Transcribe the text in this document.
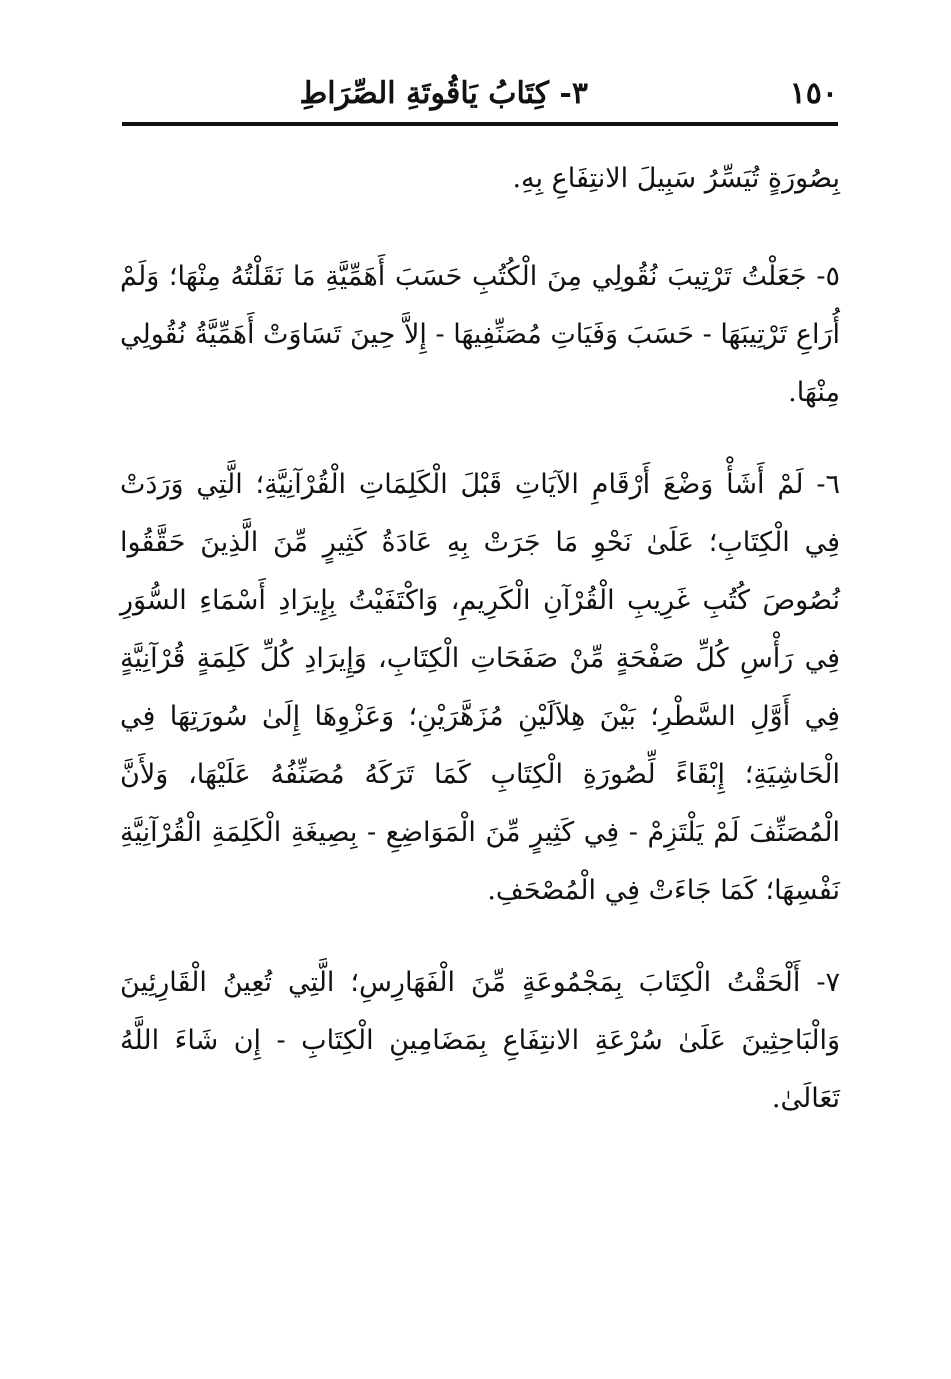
١٥٠
٣- كِتَابُ يَاقُوتَةِ الصِّرَاطِ

بِصُورَةٍ تُيَسِّرُ سَبِيلَ الانتِفَاعِ بِهِ.

٥- جَعَلْتُ تَرْتِيبَ نُقُولِي مِنَ الْكُتُبِ حَسَبَ أَهَمِّيَّةِ مَا نَقَلْتُهُ مِنْهَا؛ وَلَمْ أُرَاعِ تَرْتِيبَهَا - حَسَبَ وَفَيَاتِ مُصَنِّفِيهَا - إِلاَّ حِينَ تَسَاوَتْ أَهَمِّيَّةُ نُقُولِي مِنْهَا.

٦- لَمْ أَشَأْ وَضْعَ أَرْقَامِ الآيَاتِ قَبْلَ الْكَلِمَاتِ الْقُرْآنِيَّةِ؛ الَّتِي وَرَدَتْ فِي الْكِتَابِ؛ عَلَىٰ نَحْوِ مَا جَرَتْ بِهِ عَادَةُ كَثِيرٍ مِّنَ الَّذِينَ حَقَّقُوا نُصُوصَ كُتُبِ غَرِيبِ الْقُرْآنِ الْكَرِيمِ، وَاكْتَفَيْتُ بِإِيرَادِ أَسْمَاءِ السُّوَرِ فِي رَأْسِ كُلِّ صَفْحَةٍ مِّنْ صَفَحَاتِ الْكِتَابِ، وَإِيرَادِ كُلِّ كَلِمَةٍ قُرْآنِيَّةٍ فِي أَوَّلِ السَّطْرِ؛ بَيْنَ هِلاَلَيْنِ مُزَهَّرَيْنِ؛ وَعَزْوِهَا إِلَىٰ سُورَتِهَا فِي الْحَاشِيَةِ؛ إِبْقَاءً لِّصُورَةِ الْكِتَابِ كَمَا تَرَكَهُ مُصَنِّفُهُ عَلَيْهَا، وَلأَنَّ الْمُصَنِّفَ لَمْ يَلْتَزِمْ - فِي كَثِيرٍ مِّنَ الْمَوَاضِعِ - بِصِيغَةِ الْكَلِمَةِ الْقُرْآنِيَّةِ نَفْسِهَا؛ كَمَا جَاءَتْ فِي الْمُصْحَفِ.

٧- أَلْحَقْتُ الْكِتَابَ بِمَجْمُوعَةٍ مِّنَ الْفَهَارِسِ؛ الَّتِي تُعِينُ الْقَارِئِينَ وَالْبَاحِثِينَ عَلَىٰ سُرْعَةِ الانتِفَاعِ بِمَضَامِينِ الْكِتَابِ - إِن شَاءَ اللَّهُ تَعَالَىٰ.
